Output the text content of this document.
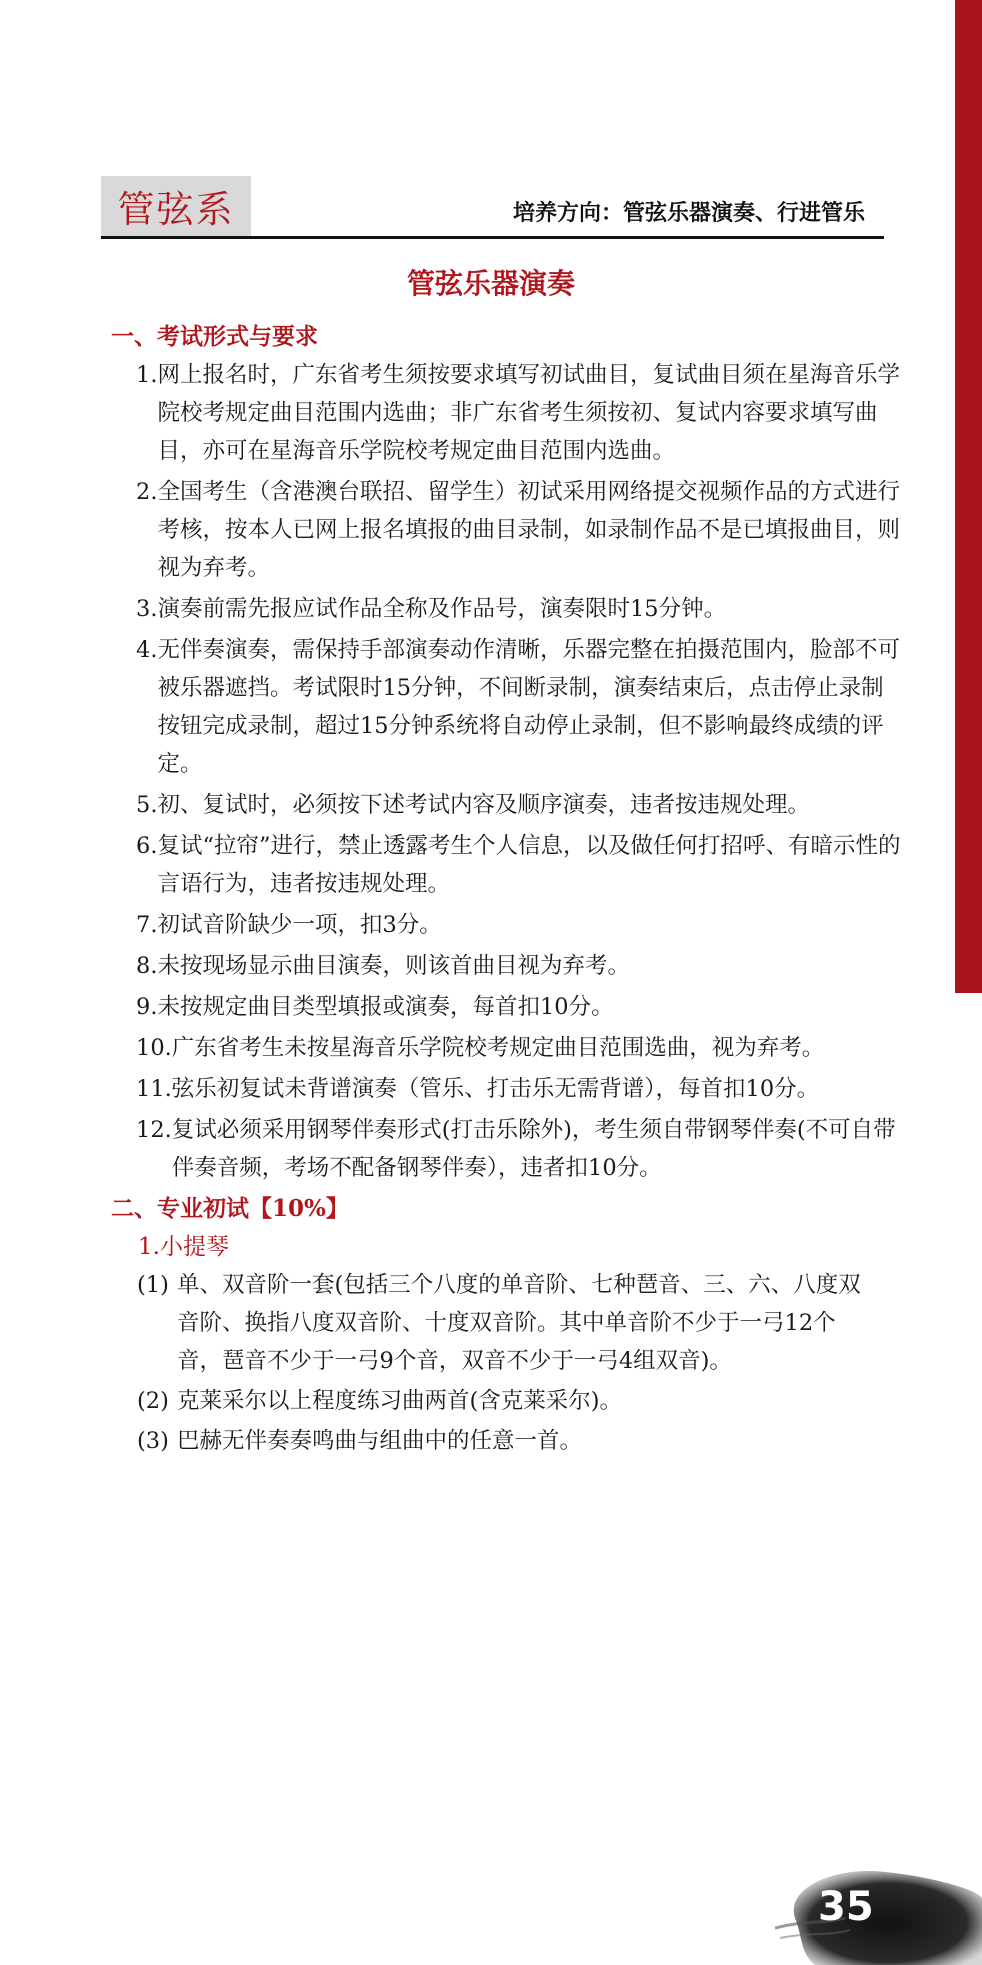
管弦系	培养方向：管弦乐器演奏、行进管乐
管弦乐器演奏
一、考试形式与要求
1. 网上报名时，广东省考生须按要求填写初试曲目，复试曲目须在星海音乐学院校考规定曲目范围内选曲；非广东省考生须按初、复试内容要求填写曲目，亦可在星海音乐学院校考规定曲目范围内选曲。
2. 全国考生（含港澳台联招、留学生）初试采用网络提交视频作品的方式进行考核，按本人已网上报名填报的曲目录制，如录制作品不是已填报曲目，则视为弃考。
3. 演奏前需先报应试作品全称及作品号，演奏限时15分钟。
4. 无伴奏演奏，需保持手部演奏动作清晰，乐器完整在拍摄范围内，脸部不可被乐器遮挡。考试限时15分钟，不间断录制，演奏结束后，点击停止录制按钮完成录制，超过15分钟系统将自动停止录制，但不影响最终成绩的评定。
5. 初、复试时，必须按下述考试内容及顺序演奏，违者按违规处理。
6. 复试“拉帘”进行，禁止透露考生个人信息，以及做任何打招呼、有暗示性的言语行为，违者按违规处理。
7. 初试音阶缺少一项，扣3分。
8. 未按现场显示曲目演奏，则该首曲目视为弃考。
9. 未按规定曲目类型填报或演奏，每首扣10分。
10. 广东省考生未按星海音乐学院校考规定曲目范围选曲，视为弃考。
11. 弦乐初复试未背谱演奏（管乐、打击乐无需背谱），每首扣10分。
12. 复试必须采用钢琴伴奏形式(打击乐除外)，考生须自带钢琴伴奏(不可自带伴奏音频，考场不配备钢琴伴奏），违者扣10分。
二、专业初试【10%】
1.小提琴
(1) 单、双音阶一套(包括三个八度的单音阶、七种琶音、三、六、八度双音阶、换指八度双音阶、十度双音阶。其中单音阶不少于一弓12个音，琶音不少于一弓9个音，双音不少于一弓4组双音)。
(2) 克莱采尔以上程度练习曲两首(含克莱采尔)。
(3) 巴赫无伴奏奏鸣曲与组曲中的任意一首。
35
